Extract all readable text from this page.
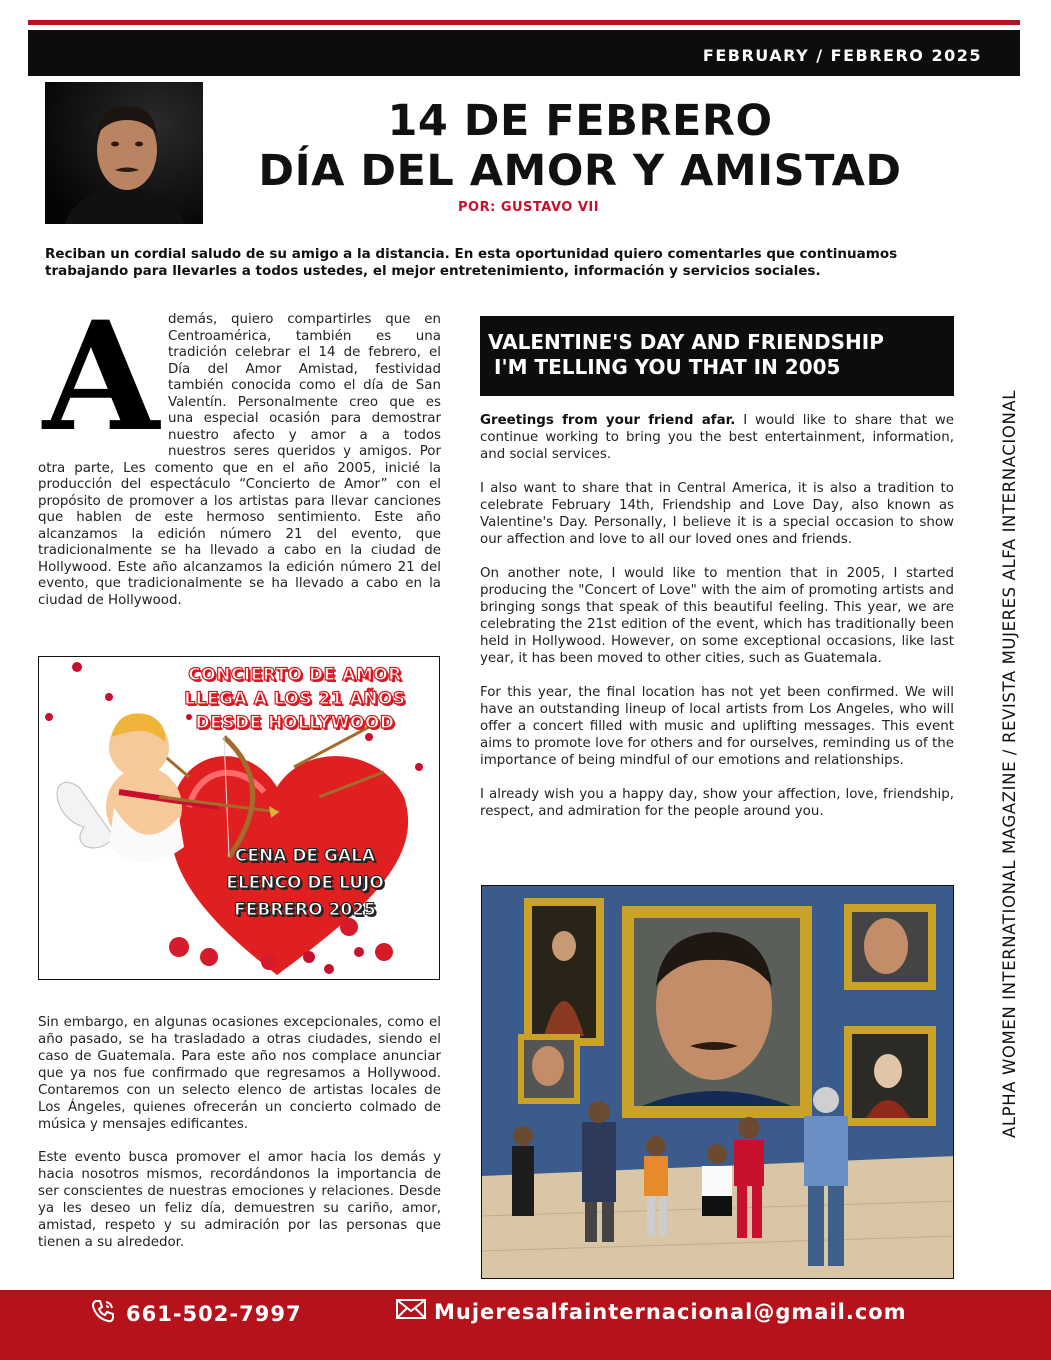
FEBRUARY / FEBRERO 2025
14 DE FEBRERO
DÍA DEL AMOR Y AMISTAD
POR: GUSTAVO VII

Reciban un cordial saludo de su amigo a la distancia. En esta oportunidad quiero comentarles que continuamos trabajando para llevarles a todos ustedes, el mejor entretenimiento, información y servicios sociales.

A demás, quiero compartirles que en Centroamérica, también es una tradición celebrar el 14 de febrero, el Día del Amor Amistad, festividad también conocida como el día de San Valentín. Personalmente creo que es una especial ocasión para demostrar nuestro afecto y amor a a todos nuestros seres queridos y amigos. Por otra parte, Les comento que en el año 2005, inicié la producción del espectáculo “Concierto de Amor” con el propósito de promover a los artistas para llevar canciones que hablen de este hermoso sentimiento. Este año alcanzamos la edición número 21 del evento, que tradicionalmente se ha llevado a cabo en la ciudad de Hollywood. Este año alcanzamos la edición número 21 del evento, que tradicionalmente se ha llevado a cabo en la ciudad de Hollywood.
CONCIERTO DE AMOR
LLEGA A LOS 21 AÑOS
DESDE HOLLYWOOD
CENA DE GALA
ELENCO DE LUJO
FEBRERO 2025

Sin embargo, en algunas ocasiones excepcionales, como el año pasado, se ha trasladado a otras ciudades, siendo el caso de Guatemala. Para este año nos complace anunciar que ya nos fue confirmado que regresamos a Hollywood. Contaremos con un selecto elenco de artistas locales de Los Ángeles, quienes ofrecerán un concierto colmado de música y mensajes edificantes.

Este evento busca promover el amor hacia los demás y hacia nosotros mismos, recordándonos la importancia de ser conscientes de nuestras emociones y relaciones. Desde ya les deseo un feliz día, demuestren su cariño, amor, amistad, respeto y su admiración por las personas que tienen a su alrededor.

VALENTINE'S DAY AND FRIENDSHIP
I'M TELLING YOU THAT IN 2005

Greetings from your friend afar. I would like to share that we continue working to bring you the best entertainment, information, and social services.

I also want to share that in Central America, it is also a tradition to celebrate February 14th, Friendship and Love Day, also known as Valentine's Day. Personally, I believe it is a special occasion to show our affection and love to all our loved ones and friends.

On another note, I would like to mention that in 2005, I started producing the "Concert of Love" with the aim of promoting artists and bringing songs that speak of this beautiful feeling. This year, we are celebrating the 21st edition of the event, which has traditionally been held in Hollywood. However, on some exceptional occasions, like last year, it has been moved to other cities, such as Guatemala.

For this year, the final location has not yet been confirmed. We will have an outstanding lineup of local artists from Los Angeles, who will offer a concert filled with music and uplifting messages. This event aims to promote love for others and for ourselves, reminding us of the importance of being mindful of our emotions and relationships.

I already wish you a happy day, show your affection, love, friendship, respect, and admiration for the people around you.	ALPHA WOMEN INTERNATIONAL MAGAZINE / REVISTA MUJERES ALFA INTERNACIONAL
661-502-7997	Mujeresalfainternacional@gmail.com
